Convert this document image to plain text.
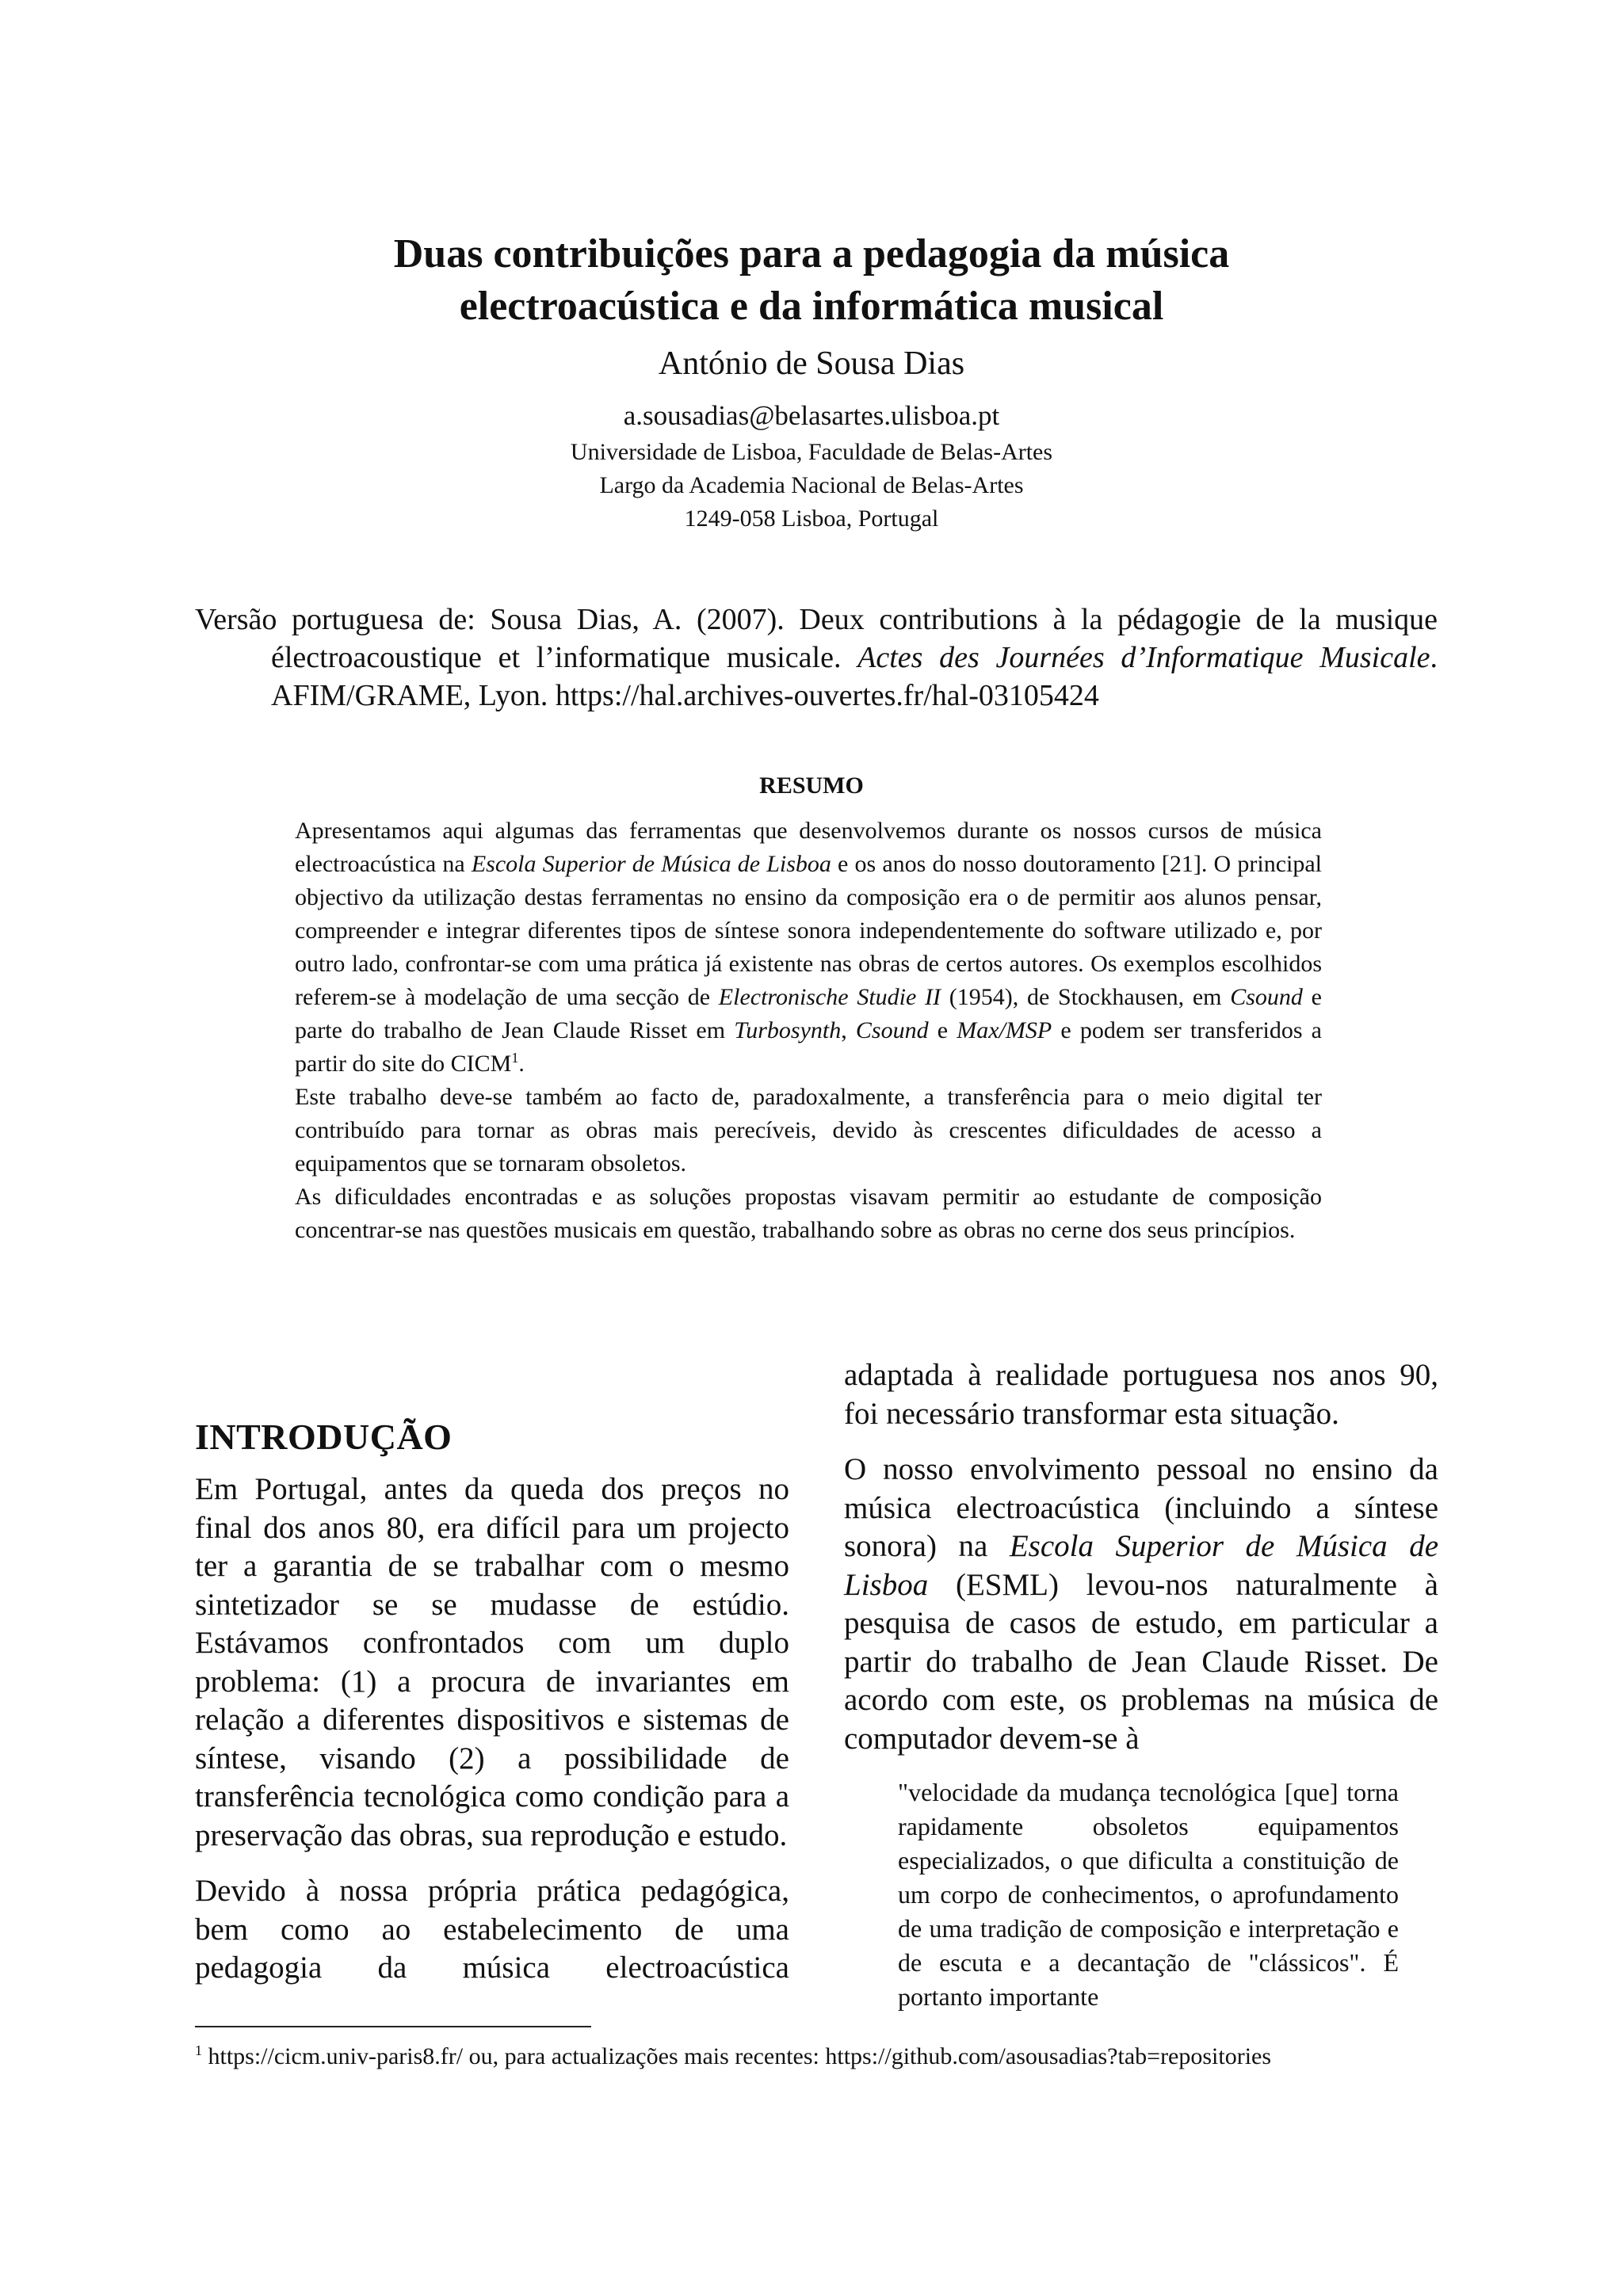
Duas contribuições para a pedagogia da música
electroacústica e da informática musical
António de Sousa Dias
a.sousadias@belasartes.ulisboa.pt
Universidade de Lisboa, Faculdade de Belas-Artes
Largo da Academia Nacional de Belas-Artes
1249-058 Lisboa, Portugal

Versão portuguesa de: Sousa Dias, A. (2007). Deux contributions à la pédagogie de la musique électroacoustique et l’informatique musicale. Actes des Journées d’Informatique Musicale. AFIM/GRAME, Lyon. https://hal.archives-ouvertes.fr/hal-03105424

RESUMO

Apresentamos aqui algumas das ferramentas que desenvolvemos durante os nossos cursos de música electroacústica na Escola Superior de Música de Lisboa e os anos do nosso doutoramento [21]. O principal objectivo da utilização destas ferramentas no ensino da composição era o de permitir aos alunos pensar, compreender e integrar diferentes tipos de síntese sonora independentemente do software utilizado e, por outro lado, confrontar-se com uma prática já existente nas obras de certos autores. Os exemplos escolhidos referem-se à modelação de uma secção de Electronische Studie II (1954), de Stockhausen, em Csound e parte do trabalho de Jean Claude Risset em Turbosynth, Csound e Max/MSP e podem ser transferidos a partir do site do CICM$^1$.

Este trabalho deve-se também ao facto de, paradoxalmente, a transferência para o meio digital ter contribuído para tornar as obras mais perecíveis, devido às crescentes dificuldades de acesso a equipamentos que se tornaram obsoletos.

As dificuldades encontradas e as soluções propostas visavam permitir ao estudante de composição concentrar-se nas questões musicais em questão, trabalhando sobre as obras no cerne dos seus princípios.

INTRODUÇÃO

Em Portugal, antes da queda dos preços no final dos anos 80, era difícil para um projecto ter a garantia de se trabalhar com o mesmo sintetizador se se mudasse de estúdio. Estávamos confrontados com um duplo problema: (1) a procura de invariantes em relação a diferentes dispositivos e sistemas de síntese, visando (2) a possibilidade de transferência tecnológica como condição para a preservação das obras, sua reprodução e estudo.

Devido à nossa própria prática pedagógica, bem como ao estabelecimento de uma pedagogia da música electroacústica

adaptada à realidade portuguesa nos anos 90, foi necessário transformar esta situação.

O nosso envolvimento pessoal no ensino da música electroacústica (incluindo a síntese sonora) na Escola Superior de Música de Lisboa (ESML) levou-nos naturalmente à pesquisa de casos de estudo, em particular a partir do trabalho de Jean Claude Risset. De acordo com este, os problemas na música de computador devem-se à

"velocidade da mudança tecnológica [que] torna rapidamente obsoletos equipamentos especializados, o que dificulta a constituição de um corpo de conhecimentos, o aprofundamento de uma tradição de composição e interpretação e de escuta e a decantação de "clássicos". É portanto importante
$^1$ https://cicm.univ-paris8.fr/ ou, para actualizações mais recentes: https://github.com/asousadias?tab=repositories
